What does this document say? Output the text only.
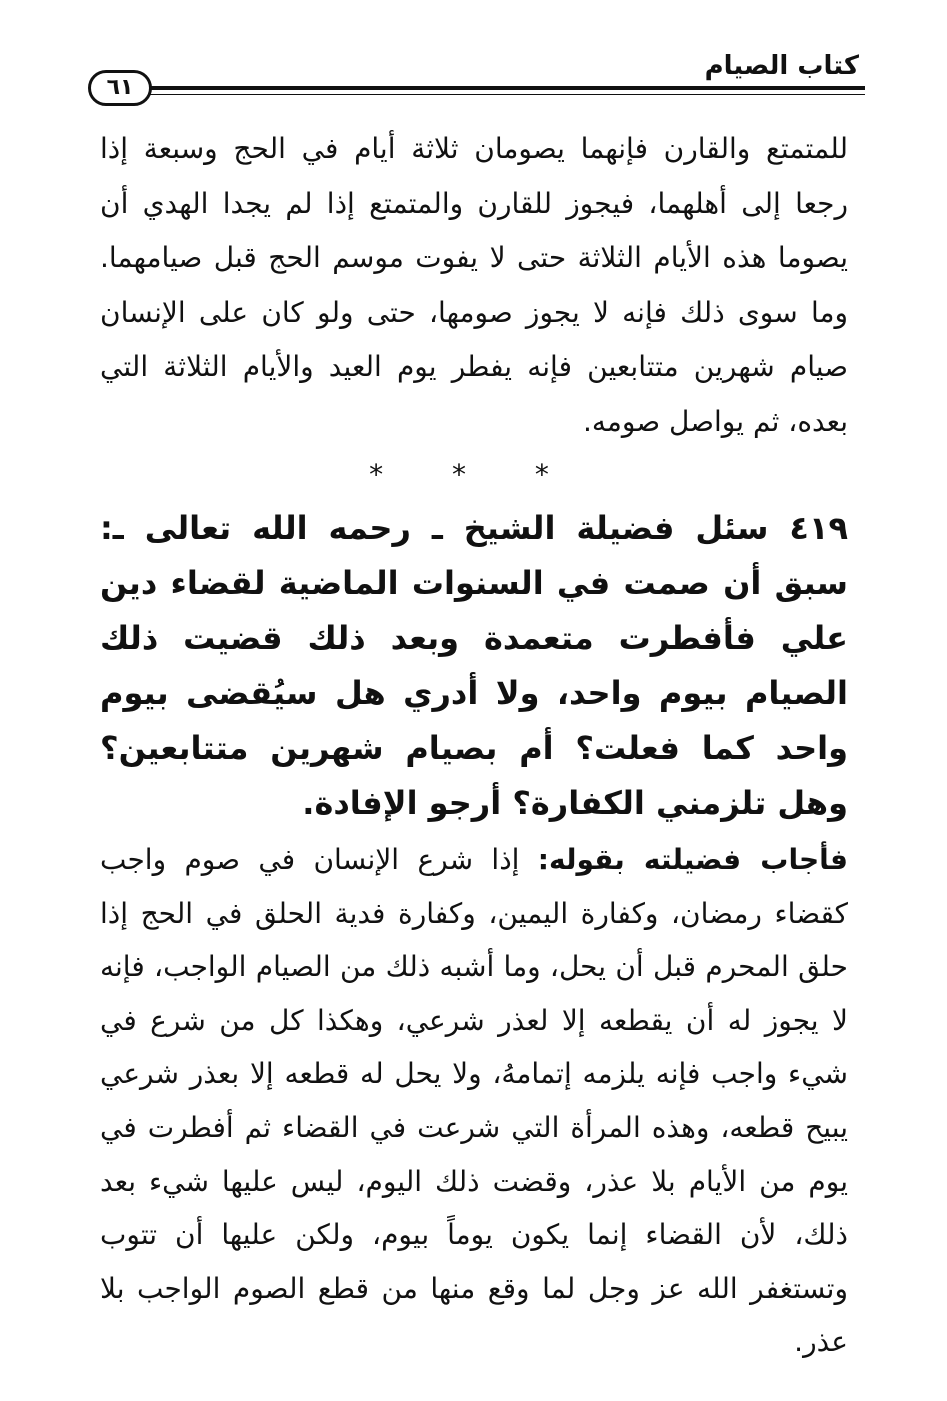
كتاب الصيام
٦١

للمتمتع والقارن فإنهما يصومان ثلاثة أيام في الحج وسبعة إذا رجعا إلى أهلهما، فيجوز للقارن والمتمتع إذا لم يجدا الهدي أن يصوما هذه الأيام الثلاثة حتى لا يفوت موسم الحج قبل صيامهما. وما سوى ذلك فإنه لا يجوز صومها، حتى ولو كان على الإنسان صيام شهرين متتابعين فإنه يفطر يوم العيد والأيام الثلاثة التي بعده، ثم يواصل صومه.

* * *

٤١٩ سئل فضيلة الشيخ ـ رحمه الله تعالى ـ: سبق أن صمت في السنوات الماضية لقضاء دين علي فأفطرت متعمدة وبعد ذلك قضيت ذلك الصيام بيوم واحد، ولا أدري هل سيُقضى بيوم واحد كما فعلت؟ أم بصيام شهرين متتابعين؟ وهل تلزمني الكفارة؟ أرجو الإفادة.

فأجاب فضيلته بقوله: إذا شرع الإنسان في صوم واجب كقضاء رمضان، وكفارة اليمين، وكفارة فدية الحلق في الحج إذا حلق المحرم قبل أن يحل، وما أشبه ذلك من الصيام الواجب، فإنه لا يجوز له أن يقطعه إلا لعذر شرعي، وهكذا كل من شرع في شيء واجب فإنه يلزمه إتمامهُ، ولا يحل له قطعه إلا بعذر شرعي يبيح قطعه، وهذه المرأة التي شرعت في القضاء ثم أفطرت في يوم من الأيام بلا عذر، وقضت ذلك اليوم، ليس عليها شيء بعد ذلك، لأن القضاء إنما يكون يوماً بيوم، ولكن عليها أن تتوب وتستغفر الله عز وجل لما وقع منها من قطع الصوم الواجب بلا عذر.
